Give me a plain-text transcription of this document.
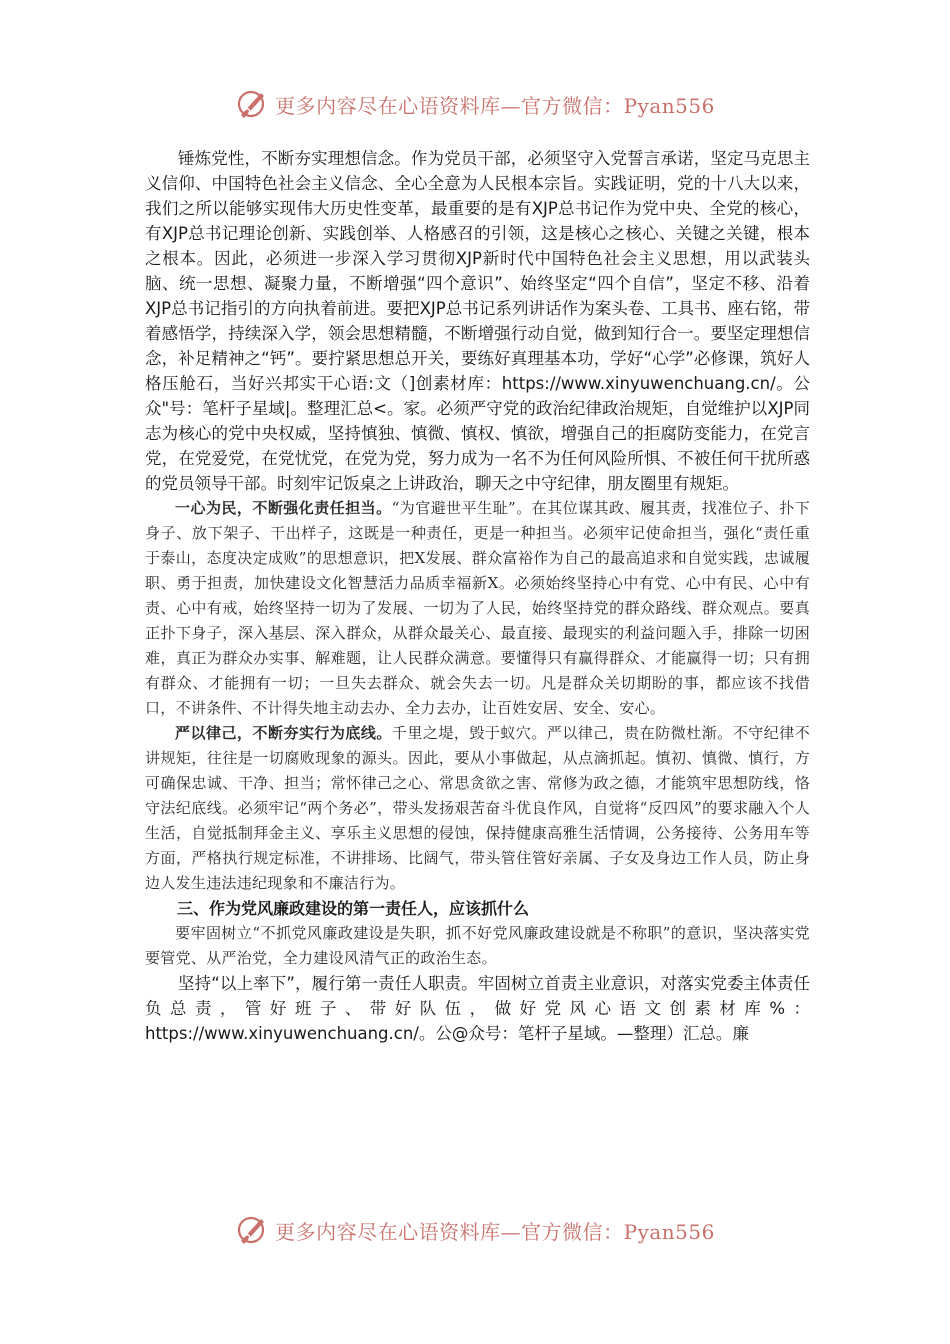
更多内容尽在心语资料库—官方微信：Pyan556

锤炼党性，不断夯实理想信念。作为党员干部，必须坚守入党誓言承诺，坚定马克思主义信仰、中国特色社会主义信念、全心全意为人民根本宗旨。实践证明，党的十八大以来，我们之所以能够实现伟大历史性变革，最重要的是有XJP总书记作为党中央、全党的核心，有XJP总书记理论创新、实践创举、人格感召的引领，这是核心之核心、关键之关键，根本之根本。因此，必须进一步深入学习贯彻XJP新时代中国特色社会主义思想，用以武装头脑、统一思想、凝聚力量，不断增强“四个意识”、始终坚定“四个自信”，坚定不移、沿着XJP总书记指引的方向执着前进。要把XJP总书记系列讲话作为案头卷、工具书、座右铭，带着感悟学，持续深入学，领会思想精髓，不断增强行动自觉，做到知行合一。要坚定理想信念，补足精神之“钙”。要拧紧思想总开关，要练好真理基本功，学好“心学”必修课，筑好人格压舱石，当好兴邦实干心语:文（]创素材库：https://www.xinyuwenchuang.cn/。公众"号：笔杆子星域|。整理汇总<。家。必须严守党的政治纪律政治规矩，自觉维护以XJP同志为核心的党中央权威，坚持慎独、慎微、慎权、慎欲，增强自己的拒腐防变能力，在党言党，在党爱党，在党忧党，在党为党，努力成为一名不为任何风险所惧、不被任何干扰所惑的党员领导干部。时刻牢记饭桌之上讲政治，聊天之中守纪律，朋友圈里有规矩。

一心为民，不断强化责任担当。“为官避世平生耻”。在其位谋其政、履其责，找准位子、扑下身子、放下架子、干出样子，这既是一种责任，更是一种担当。必须牢记使命担当，强化“责任重于泰山，态度决定成败”的思想意识，把X发展、群众富裕作为自己的最高追求和自觉实践，忠诚履职、勇于担责，加快建设文化智慧活力品质幸福新X。必须始终坚持心中有党、心中有民、心中有责、心中有戒，始终坚持一切为了发展、一切为了人民，始终坚持党的群众路线、群众观点。要真正扑下身子，深入基层、深入群众，从群众最关心、最直接、最现实的利益问题入手，排除一切困难，真正为群众办实事、解难题，让人民群众满意。要懂得只有赢得群众、才能赢得一切；只有拥有群众、才能拥有一切；一旦失去群众、就会失去一切。凡是群众关切期盼的事，都应该不找借口，不讲条件、不计得失地主动去办、全力去办，让百姓安居、安全、安心。

严以律己，不断夯实行为底线。千里之堤，毁于蚁穴。严以律己，贵在防微杜渐。不守纪律不讲规矩，往往是一切腐败现象的源头。因此，要从小事做起，从点滴抓起。慎初、慎微、慎行，方可确保忠诚、干净、担当；常怀律己之心、常思贪欲之害、常修为政之德，才能筑牢思想防线，恪守法纪底线。必须牢记“两个务必”，带头发扬艰苦奋斗优良作风，自觉将“反四风”的要求融入个人生活，自觉抵制拜金主义、享乐主义思想的侵蚀，保持健康高雅生活情调，公务接待、公务用车等方面，严格执行规定标准，不讲排场、比阔气，带头管住管好亲属、子女及身边工作人员，防止身边人发生违法违纪现象和不廉洁行为。

三、作为党风廉政建设的第一责任人，应该抓什么

要牢固树立“不抓党风廉政建设是失职，抓不好党风廉政建设就是不称职”的意识，坚决落实党要管党、从严治党，全力建设风清气正的政治生态。

坚持“以上率下”，履行第一责任人职责。牢固树立首责主业意识，对落实党委主体责任负总责，管好班子、带好队伍，做好党风心语文创素材库%：https://www.xinyuwenchuang.cn/。公@众号：笔杆子星域。—整理）汇总。廉

更多内容尽在心语资料库—官方微信：Pyan556
